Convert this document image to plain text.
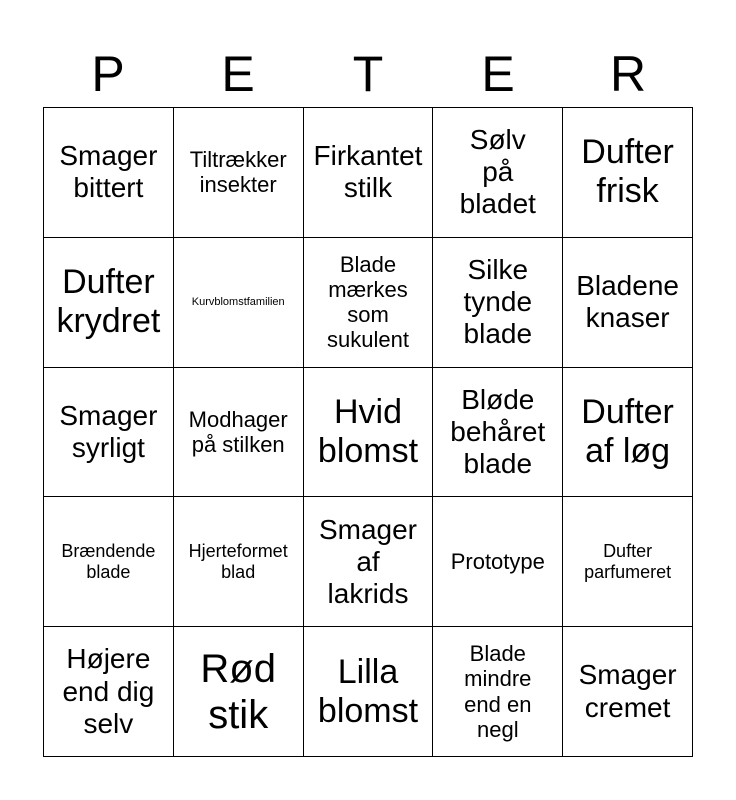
P	E	T	E	R
Smager
bittert
Tiltrækker
insekter
Firkantet
stilk
Sølv
på
bladet
Dufter
frisk
Dufter
krydret
Kurvblomstfamilien
Blade
mærkes
som
sukulent
Silke
tynde
blade
Bladene
knaser
Smager
syrligt
Modhager
på stilken
Hvid
blomst
Bløde
behåret
blade
Dufter
af løg
Brændende
blade
Hjerteformet
blad
Smager
af
lakrids
Prototype	Dufter
parfumeret
Højere
end dig
selv
Rød
stik
Lilla
blomst
Blade
mindre
end en
negl
Smager
cremet
